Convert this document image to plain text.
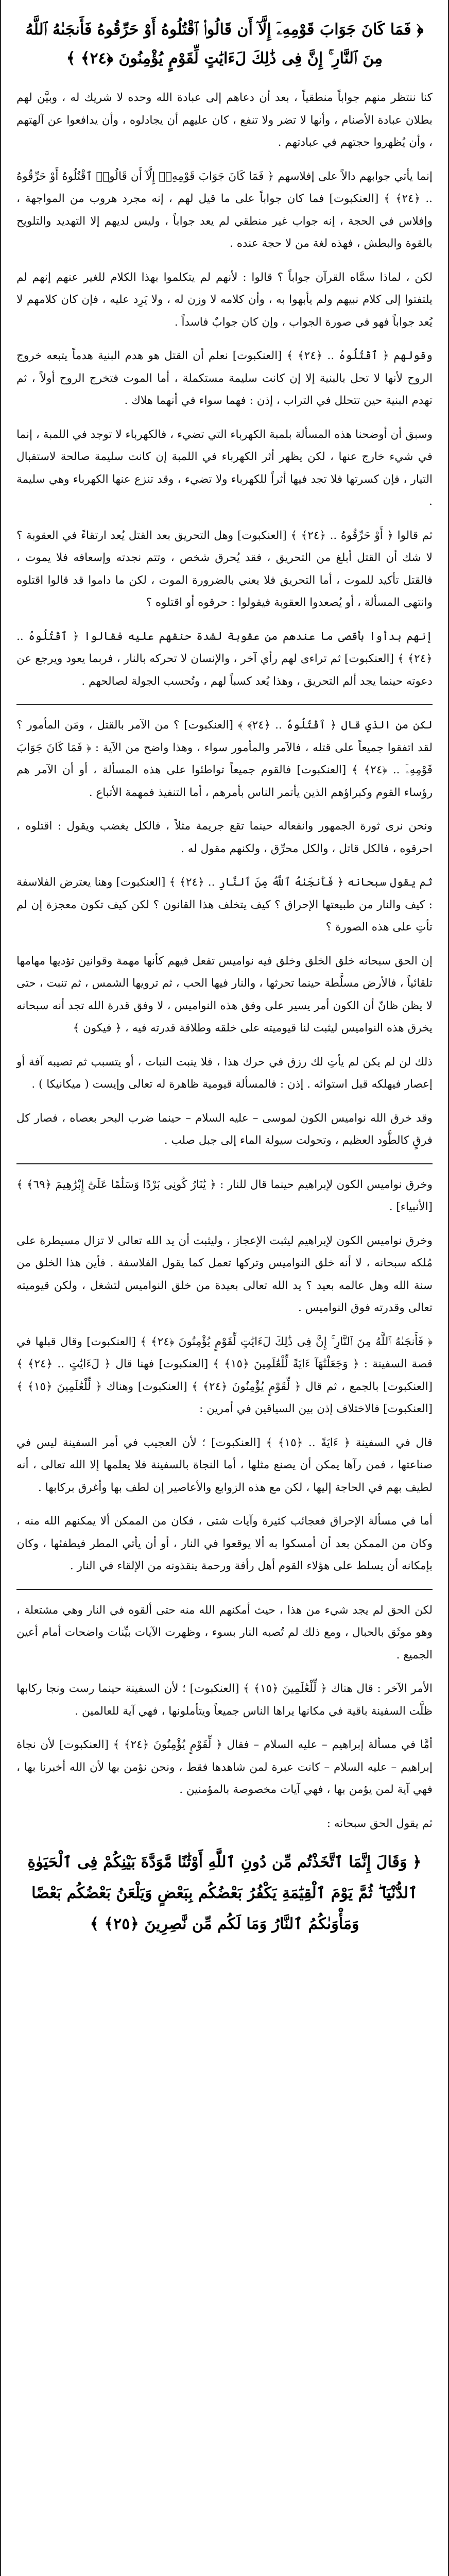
﴿ فَمَا كَانَ جَوَابَ قَوْمِهِۦٓ إِلَّآ أَن قَالُوا۟ ٱقْتُلُوهُ أَوْ حَرِّقُوهُ فَأَنجَىٰهُ ٱللَّهُ مِنَ ٱلنَّارِ ۚ إِنَّ فِى ذَٰلِكَ لَءَايَٰتٍ لِّقَوْمٍ يُؤْمِنُونَ ﴿٢٤﴾ ﴾
كنا ننتظر منهم جواباً منطقياً ، بعد أن دعاهم إلى عبادة الله وحده لا شريك له ، وبيَّن لهم بطلان عبادة الأصنام ، وأنها لا تضر ولا تنفع ، كان عليهم أن يجادلوه ، وأن يدافعوا عن آلهتهم ، وأن يُظهروا حجتهم في عبادتهم .
إنما يأتي جوابهم دالاً على إفلاسهم ﴿ فَمَا كَانَ جَوَابَ قَوْمِهِۦٓ إِلَّآ أَن قَالُوا۟ ٱقْتُلُوهُ أَوْ حَرِّقُوهُ .. ﴿٢٤﴾ ﴾ [العنكبوت] فما كان جواباً على ما قيل لهم ، إنه مجرد هروب من المواجهة ، وإفلاس في الحجة ، إنه جواب غير منطقي لم يعد جواباً ، وليس لديهم إلا التهديد والتلويح بالقوة والبطش ، فهذه لغة من لا حجة عنده .
لكن ، لماذا سمَّاه القرآن جواباً ؟ قالوا : لأنهم لم يتكلموا بهذا الكلام للغير عنهم إنهم لم يلتفتوا إلى كلام نبيهم ولم يأبهوا به ، وأن كلامه لا وزن له ، ولا يَرِد عليه ، فإن كان كلامهم لا يُعد جواباً فهو في صورة الجواب ، وإن كان جوابٌ فاسداً .
وقولهم ﴿ ٱقْتُلُوهُ .. ﴿٢٤﴾ ﴾ [العنكبوت] نعلم أن القتل هو هدم البنية هدماً يتبعه خروج الروح لأنها لا تحل بالبنية إلا إن كانت سليمة مستكملة ، أما الموت فتخرج الروح أولاً ، ثم تهدم البنية حين تتحلل في التراب ، إذن : فهما سواء في أنهما هلاك .
وسبق أن أوضحنا هذه المسألة بلمبة الكهرباء التي تضيء ، فالكهرباء لا توجد في اللمبة ، إنما في شيء خارج عنها ، لكن يظهر أثر الكهرباء في اللمبة إن كانت سليمة صالحة لاستقبال التيار ، فإن كسرتها فلا تجد فيها أثراً للكهرباء ولا تضيء ، وقد تنزع عنها الكهرباء وهي سليمة .
ثم قالوا ﴿ أَوْ حَرِّقُوهُ .. ﴿٢٤﴾ ﴾ [العنكبوت] وهل التحريق بعد القتل يُعد ارتقاءً في العقوبة ؟ لا شك أن القتل أبلغ من التحريق ، فقد يُحرق شخص ، وتتم نجدته وإسعافه فلا يموت ، فالقتل تأكيد للموت ، أما التحريق فلا يعني بالضرورة الموت ، لكن ما داموا قد قالوا اقتلوه وانتهى المسألة ، أو يُصعدوا العقوبة فيقولوا : حرقوه أو اقتلوه ؟
إنهم بدأوا بأقصى ما عندهم من عقوبة لشدة حنقهم عليه فقالوا ﴿ ٱقْتُلُوهُ .. ﴿٢٤﴾ ﴾ [العنكبوت] ثم تراءى لهم رأي آخر ، والإنسان لا تحركه بالنار ، فربما يعود ويرجع عن دعوته حينما يجد ألم التحريق ، وهذا يُعد كسباً لهم ، وتُحسب الجولة لصالحهم .
لكن من الذي قال ﴿ ٱقْتُلُوهُ .. ﴿٢٤﴾ ﴾ [العنكبوت] ؟ من الآمر بالقتل ، ومَن المأمور ؟ لقد اتفقوا جميعاً على قتله ، فالآمر والمأمور سواء ، وهذا واضح من الآية : ﴿ فَمَا كَانَ جَوَابَ قَوْمِهِۦٓ .. ﴿٢٤﴾ ﴾ [العنكبوت] فالقوم جميعاً تواطئوا على هذه المسألة ، أو أن الآمر هم رؤساء القوم وكبراؤهم الذين يأتمر الناس بأمرهم ، أما التنفيذ فمهمة الأتباع .
ونحن نرى ثورة الجمهور وانفعاله حينما تقع جريمة مثلاً ، فالكل يغضب ويقول : اقتلوه ، احرقوه ، فالكل قاتل ، والكل محرِّق ، ولكنهم مقول له .
ثم يقول سبحانه ﴿ فَأَنجَىٰهُ ٱللَّهُ مِنَ ٱلنَّارِ .. ﴿٢٤﴾ ﴾ [العنكبوت] وهنا يعترض الفلاسفة : كيف والنار من طبيعتها الإحراق ؟ كيف يتخلف هذا القانون ؟ لكن كيف تكون معجزة إن لم تأتِ على هذه الصورة ؟
إن الحق سبحانه خلق الخلق وخلق فيه نواميس تفعل فيهم كأنها مهمة وقوانين تؤديها مهامها تلقائياً ، فالأرض مسلَّطة حينما تحرثها ، والنار فيها الحب ، ثم ترويها الشمس ، ثم تنبت ، حتى لا يظن ظانّ أن الكون أمر يسير على وفق هذه النواميس ، لا وفق قدرة الله تجد أنه سبحانه يخرق هذه النواميس ليثبت لنا قيوميته على خلقه وطلاقة قدرته فيه ، ﴿ فيكون ﴾
ذلك لن لم يكن لم يأتِ لك رزق في حرك هذا ، فلا ينبت النبات ، أو يتسبب ثم تصيبه آفة أو إعصار فيهلكه قبل استوائه . إذن : فالمسألة قيومية ظاهرة له تعالى وإيست ( ميكانيكا ) .
وقد خرق الله نواميس الكون لموسى – عليه السلام – حينما ضرب البحر بعصاه ، فصار كل فرقٍ كالطَّود العظيم ، وتحولت سيولة الماء إلى جبل صلب .
وخرق نواميس الكون لإبراهيم حينما قال للنار : ﴿ يَٰنَارُ كُونِى بَرْدًا وَسَلَٰمًا عَلَىٰٓ إِبْرَٰهِيمَ ﴿٦٩﴾ ﴾ [الأنبياء] .
وخرق نواميس الكون لإبراهيم ليثبت الإعجاز ، وليثبت أن يد الله تعالى لا تزال مسيطرة على مُلكه سبحانه ، لا أنه خلق النواميس وتركها تعمل كما يقول الفلاسفة . فأين هذا الخلق من سنة الله وهل عالمه بعيد ؟ يد الله تعالى بعيدة من خلق النواميس لتشغل ، ولكن قيوميته تعالى وقدرته فوق النواميس .
﴿ فَأَنجَىٰهُ ٱللَّهُ مِنَ ٱلنَّارِ ۚ إِنَّ فِى ذَٰلِكَ لَءَايَٰتٍ لِّقَوْمٍ يُؤْمِنُونَ ﴿٢٤﴾ ﴾ [العنكبوت] وقال قبلها في قصة السفينة : ﴿ وَجَعَلْنَٰهَآ ءَايَةً لِّلْعَٰلَمِينَ ﴿١٥﴾ ﴾ [العنكبوت] فهنا قال ﴿ لَءَايَٰتٍ .. ﴿٢٤﴾ ﴾ [العنكبوت] بالجمع ، ثم قال ﴿ لِّقَوْمٍ يُؤْمِنُونَ ﴿٢٤﴾ ﴾ [العنكبوت] وهناك ﴿ لِّلْعَٰلَمِينَ ﴿١٥﴾ ﴾ [العنكبوت] فالاختلاف إذن بين السياقين في أمرين :
قال في السفينة ﴿ ءَايَةً .. ﴿١٥﴾ ﴾ [العنكبوت] ؛ لأن العجيب في أمر السفينة ليس في صناعتها ، فمن رآها يمكن أن يصنع مثلها ، أما النجاة بالسفينة فلا يعلمها إلا الله تعالى ، أنه لطيف بهم في الحاجة إليها ، لكن مع هذه الزوابع والأعاصير إن لطف بها وأغرق بركابها .
أما في مسألة الإحراق فعجائب كثيرة وآيات شتى ، فكان من الممكن ألا يمكنهم الله منه ، وكان من الممكن بعد أن أمسكوا به ألا يوقعوا في النار ، أو أن يأتي المطر فيطفئها ، وكان بإمكانه أن يسلط على هؤلاء القوم أهل رأفة ورحمة ينقذونه من الإلقاء في النار .
لكن الحق لم يجد شيء من هذا ، حيث أمكنهم الله منه حتى ألقوه في النار وهي مشتعلة ، وهو موثَق بالحبال ، ومع ذلك لم تُصبه النار بسوء ، وظهرت الآيات بيِّنات واضحات أمام أعين الجميع .
الأمر الآخر : قال هناك ﴿ لِّلْعَٰلَمِينَ ﴿١٥﴾ ﴾ [العنكبوت] ؛ لأن السفينة حينما رست ونجا ركابها ظلَّت السفينة باقية في مكانها يراها الناس جميعاً ويتأملونها ، فهي آية للعالمين .
أمَّا في مسألة إبراهيم – عليه السلام – فقال ﴿ لِّقَوْمٍ يُؤْمِنُونَ ﴿٢٤﴾ ﴾ [العنكبوت] لأن نجاة إبراهيم – عليه السلام – كانت عبرة لمن شاهدها فقط ، ونحن نؤمن بها لأن الله أخبرنا بها ، فهي آية لمن يؤمن بها ، فهي آيات مخصوصة بالمؤمنين .
ثم يقول الحق سبحانه :
﴿ وَقَالَ إِنَّمَا ٱتَّخَذْتُم مِّن دُونِ ٱللَّهِ أَوْثَٰنًا مَّوَدَّةَ بَيْنِكُمْ فِى ٱلْحَيَوٰةِ ٱلدُّنْيَا ۖ ثُمَّ يَوْمَ ٱلْقِيَٰمَةِ يَكْفُرُ بَعْضُكُم بِبَعْضٍ وَيَلْعَنُ بَعْضُكُم بَعْضًا وَمَأْوَىٰكُمُ ٱلنَّارُ وَمَا لَكُم مِّن نَّٰصِرِينَ ﴿٢٥﴾ ﴾
